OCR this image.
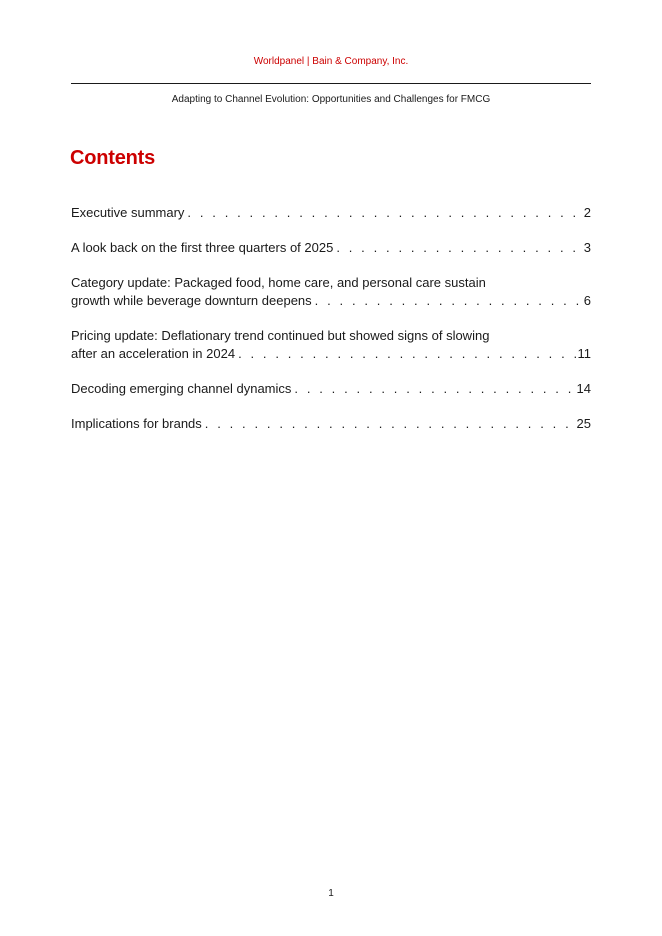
Worldpanel | Bain & Company, Inc.
Adapting to Channel Evolution: Opportunities and Challenges for FMCG
Contents
Executive summary . . .	2
A look back on the first three quarters of 2025 . . .	3
Category update: Packaged food, home care, and personal care sustain
growth while beverage downturn deepens . . .	6
Pricing update: Deflationary trend continued but showed signs of slowing
after an acceleration in 2024 . . .	11
Decoding emerging channel dynamics . . .	14
Implications for brands . . .	25
1
